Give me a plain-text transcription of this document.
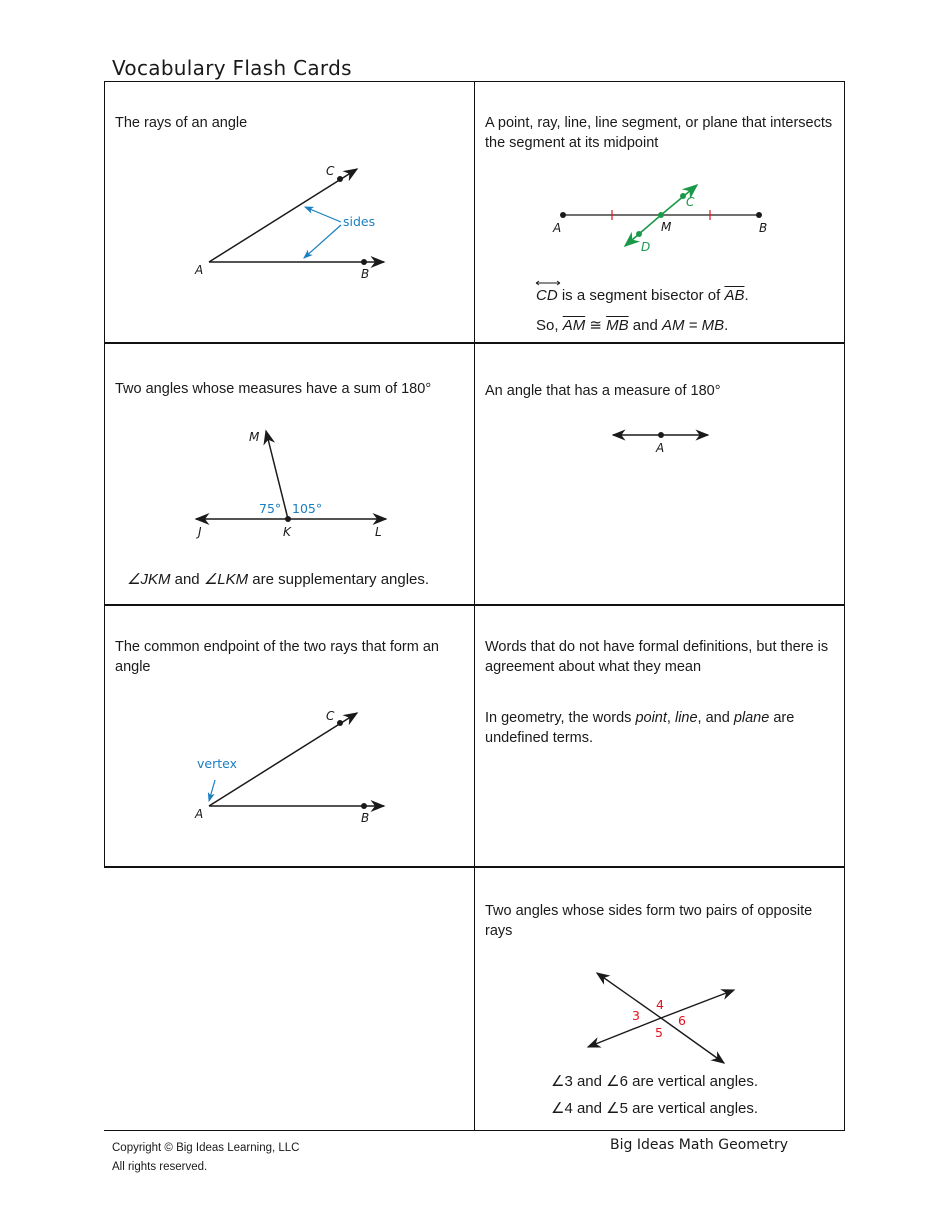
Vocabulary Flash Cards
The rays of an angle
A	B
C
sides
A point, ray, line, line segment, or plane that intersects the segment at its midpoint
A	B
M
C
D
CD is a segment bisector of $\overline{AB}$.
So, $\overline{AM}$ ≅ $\overline{MB}$ and AM = MB.
Two angles whose measures have a sum of 180°
M
J	K	L
75° 105°
∠JKM and ∠LKM are supplementary angles.
An angle that has a measure of 180°
A
The common endpoint of the two rays that form an angle
A	B
C
vertex
Words that do not have formal definitions, but there is agreement about what they mean
In geometry, the words point, line, and plane are undefined terms.
Two angles whose sides form two pairs of opposite rays
4
3	6
5
∠3 and ∠6 are vertical angles.
∠4 and ∠5 are vertical angles.
Copyright © Big Ideas Learning, LLC
All rights reserved.
Big Ideas Math Geometry
